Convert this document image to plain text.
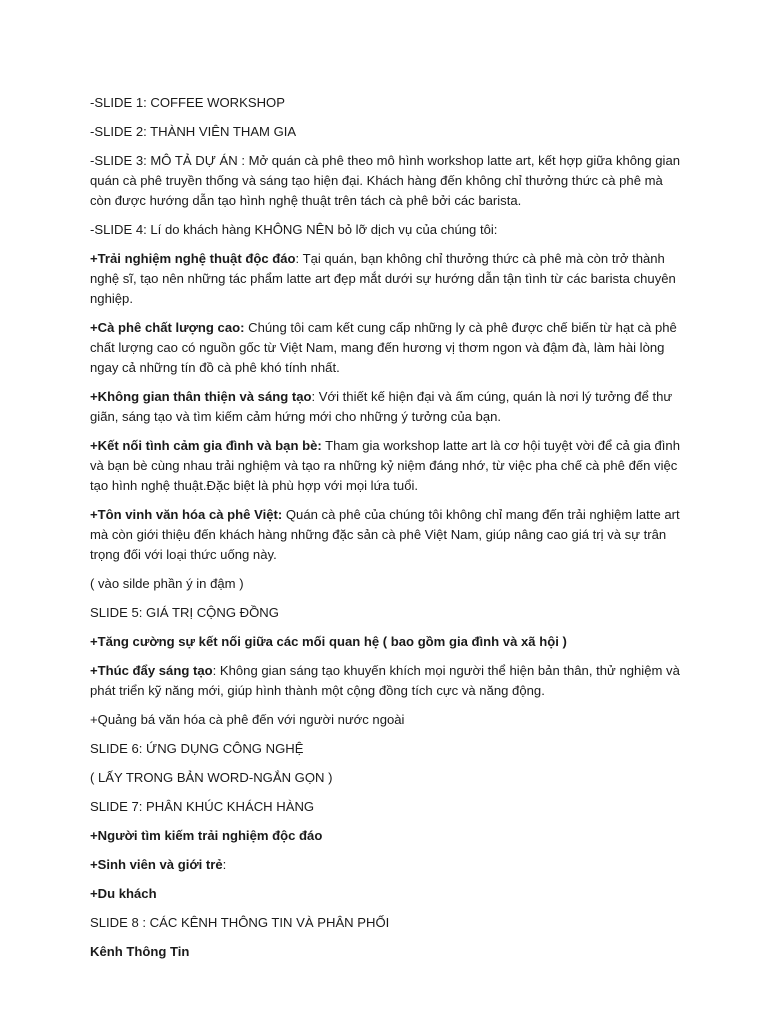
-SLIDE 1: COFFEE WORKSHOP

-SLIDE 2: THÀNH VIÊN THAM GIA

-SLIDE 3: MÔ TẢ DỰ ÁN : Mở quán cà phê theo mô hình workshop latte art, kết hợp giữa không gian quán cà phê truyền thống và sáng tạo hiện đại. Khách hàng đến không chỉ thưởng thức cà phê mà còn được hướng dẫn tạo hình nghệ thuật trên tách cà phê bởi các barista.

-SLIDE 4: Lí do khách hàng KHÔNG NÊN bỏ lỡ dịch vụ của chúng tôi:

+Trải nghiệm nghệ thuật độc đáo: Tại quán, bạn không chỉ thưởng thức cà phê mà còn trở thành nghệ sĩ, tạo nên những tác phẩm latte art đẹp mắt dưới sự hướng dẫn tận tình từ các barista chuyên nghiệp.

+Cà phê chất lượng cao: Chúng tôi cam kết cung cấp những ly cà phê được chế biến từ hạt cà phê chất lượng cao có nguồn gốc từ Việt Nam, mang đến hương vị thơm ngon và đậm đà, làm hài lòng ngay cả những tín đồ cà phê khó tính nhất.

+Không gian thân thiện và sáng tạo: Với thiết kế hiện đại và ấm cúng, quán là nơi lý tưởng để thư giãn, sáng tạo và tìm kiếm cảm hứng mới cho những ý tưởng của bạn.

+Kết nối tình cảm gia đình và bạn bè: Tham gia workshop latte art là cơ hội tuyệt vời để cả gia đình và bạn bè cùng nhau trải nghiệm và tạo ra những kỷ niệm đáng nhớ, từ việc pha chế cà phê đến việc tạo hình nghệ thuật.Đặc biệt là phù hợp với mọi lứa tuổi.

+Tôn vinh văn hóa cà phê Việt: Quán cà phê của chúng tôi không chỉ mang đến trải nghiệm latte art mà còn giới thiệu đến khách hàng những đặc sản cà phê Việt Nam, giúp nâng cao giá trị và sự trân trọng đối với loại thức uống này.

( vào silde phần ý in đậm )

SLIDE 5: GIÁ TRỊ CỘNG ĐỒNG

+Tăng cường sự kết nối giữa các mối quan hệ ( bao gồm gia đình và xã hội )

+Thúc đẩy sáng tạo: Không gian sáng tạo khuyến khích mọi người thể hiện bản thân, thử nghiệm và phát triển kỹ năng mới, giúp hình thành một cộng đồng tích cực và năng động.

+Quảng bá văn hóa cà phê đến với người nước ngoài

SLIDE 6: ỨNG DỤNG CÔNG NGHỆ

( LẤY TRONG BẢN WORD-NGẮN GỌN )

SLIDE 7: PHÂN KHÚC KHÁCH HÀNG

+Người tìm kiếm trải nghiệm độc đáo

+Sinh viên và giới trẻ:

+Du khách

SLIDE 8 : CÁC KÊNH THÔNG TIN VÀ PHÂN PHỐI

Kênh Thông Tin
